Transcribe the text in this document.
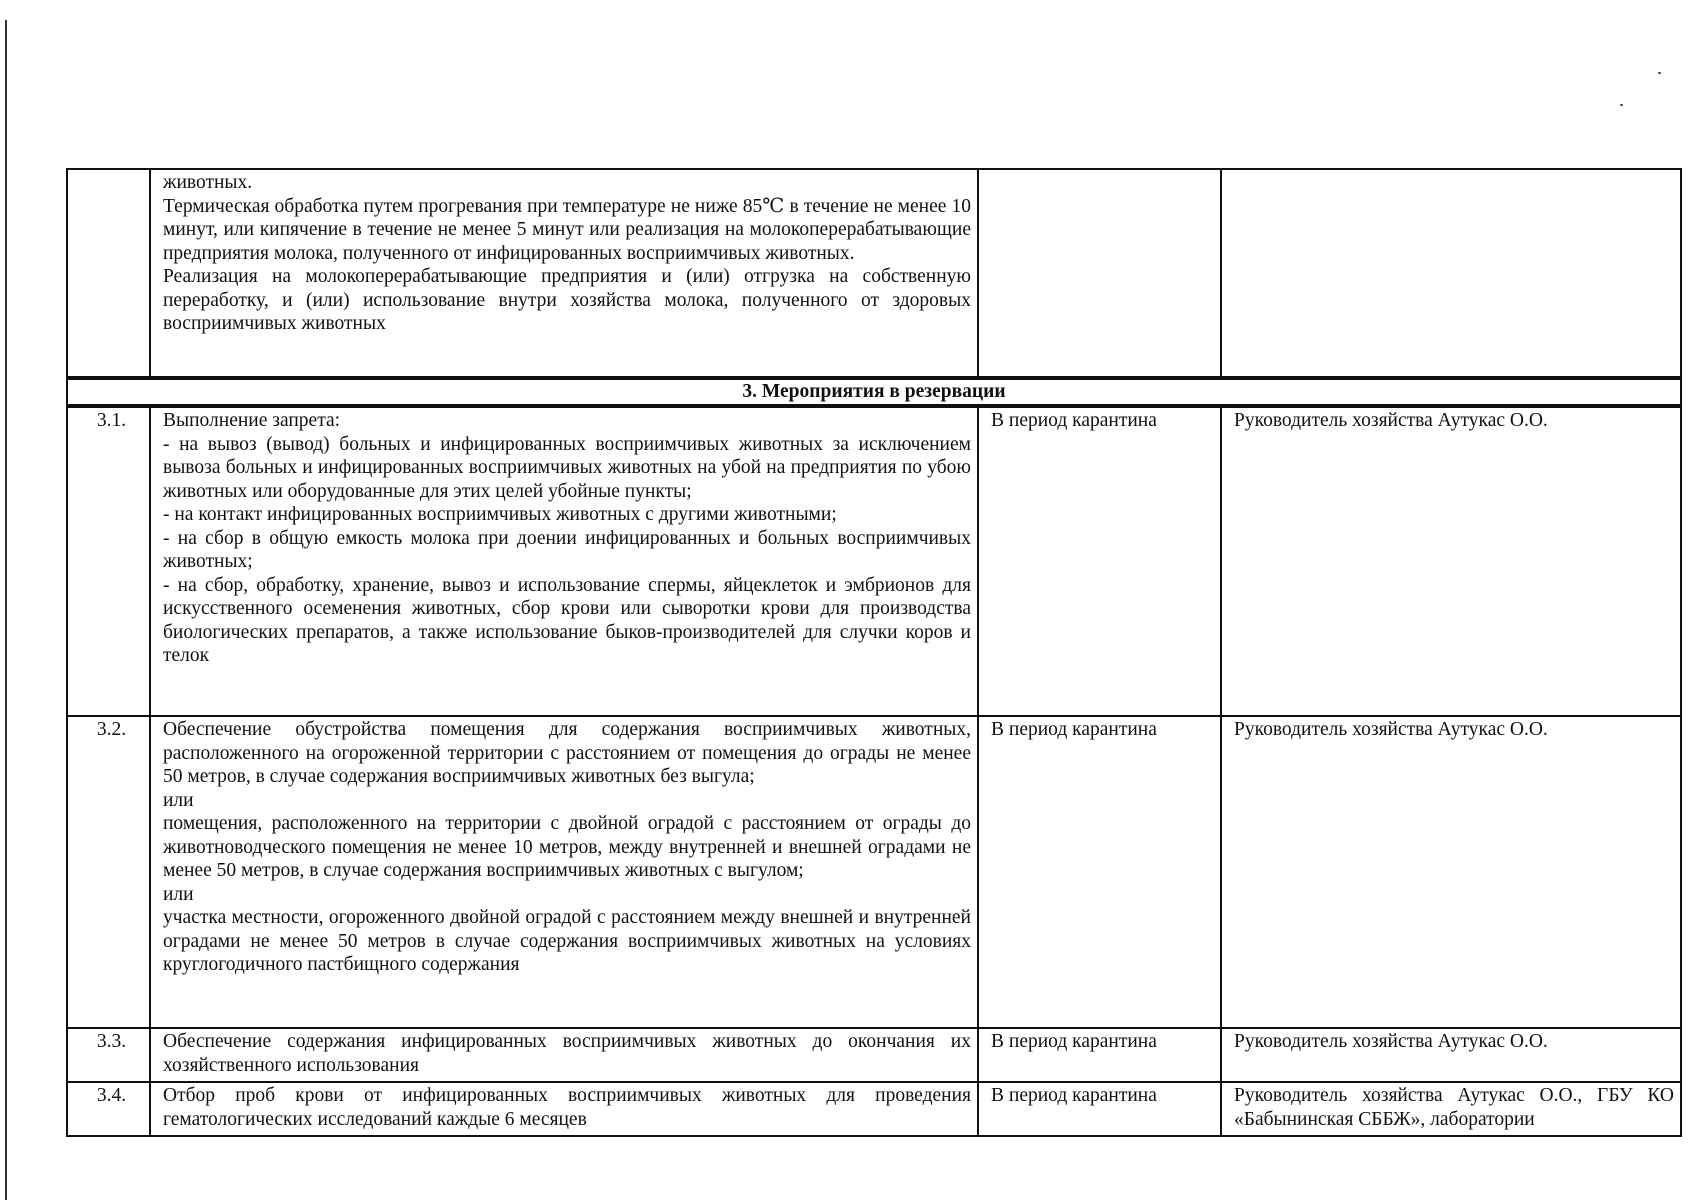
	животных.

Термическая обработка путем прогревания при температуре не ниже 85℃ в течение не менее 10 минут, или кипячение в течение не менее 5 минут или реализация на молокоперерабатывающие предприятия молока, полученного от инфицированных восприимчивых животных.

Реализация на молокоперерабатывающие предприятия и (или) отгрузка на собственную переработку, и (или) использование внутри хозяйства молока, полученного от здоровых восприимчивых животных		

3. Мероприятия в резервации			
3.1.	Выполнение запрета:

- на вывоз (вывод) больных и инфицированных восприимчивых животных за исключением вывоза больных и инфицированных восприимчивых животных на убой на предприятия по убою животных или оборудованные для этих целей убойные пункты;

- на контакт инфицированных восприимчивых животных с другими животными;

- на сбор в общую емкость молока при доении инфицированных и больных восприимчивых животных;

- на сбор, обработку, хранение, вывоз и использование спермы, яйцеклеток и эмбрионов для искусственного осеменения животных, сбор крови или сыворотки крови для производства биологических препаратов, а также использование быков-производителей для случки коров и телок	В период карантина	Руководитель хозяйства Аутукас О.О.
3.2.	Обеспечение обустройства помещения для содержания восприимчивых животных, расположенного на огороженной территории с расстоянием от помещения до ограды не менее 50 метров, в случае содержания восприимчивых животных без выгула;

или

помещения, расположенного на территории с двойной оградой с расстоянием от ограды до животноводческого помещения не менее 10 метров, между внутренней и внешней оградами не менее 50 метров, в случае содержания восприимчивых животных с выгулом;

или

участка местности, огороженного двойной оградой с расстоянием между внешней и внутренней оградами не менее 50 метров в случае содержания восприимчивых животных на условиях круглогодичного пастбищного содержания	В период карантина	Руководитель хозяйства Аутукас О.О.
3.3.	Обеспечение содержания инфицированных восприимчивых животных до окончания их хозяйственного использования	В период карантина	Руководитель хозяйства Аутукас О.О.
3.4.	Отбор проб крови от инфицированных восприимчивых животных для проведения гематологических исследований каждые 6 месяцев	В период карантина	Руководитель хозяйства Аутукас О.О., ГБУ КО «Бабынинская СББЖ», лаборатории
